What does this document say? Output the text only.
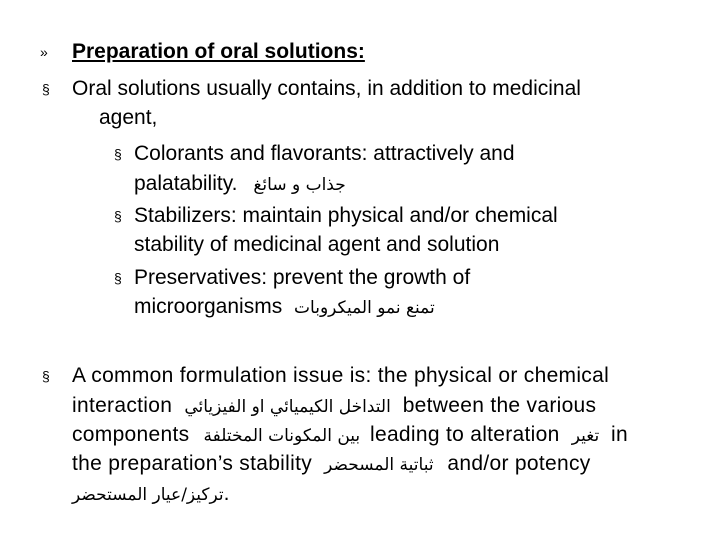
» Preparation of oral solutions:
§ Oral solutions usually contains, in addition to medicinal
agent,
§ Colorants and flavorants: attractively and
palatability. جذاب و سائغ
§ Stabilizers: maintain physical and/or chemical
stability of medicinal agent and solution
§ Preservatives: prevent the growth of
microorganisms تمنع نمو الميكروبات
§ A common formulation issue is: the physical or chemical
interaction التداخل الكيميائي او الفيزيائي between the various
components بين المكونات المختلفة leading to alteration تغير in
the preparation’s stability ثباتية المسحضر and/or potency
تركيز/عيار المستحضر.
